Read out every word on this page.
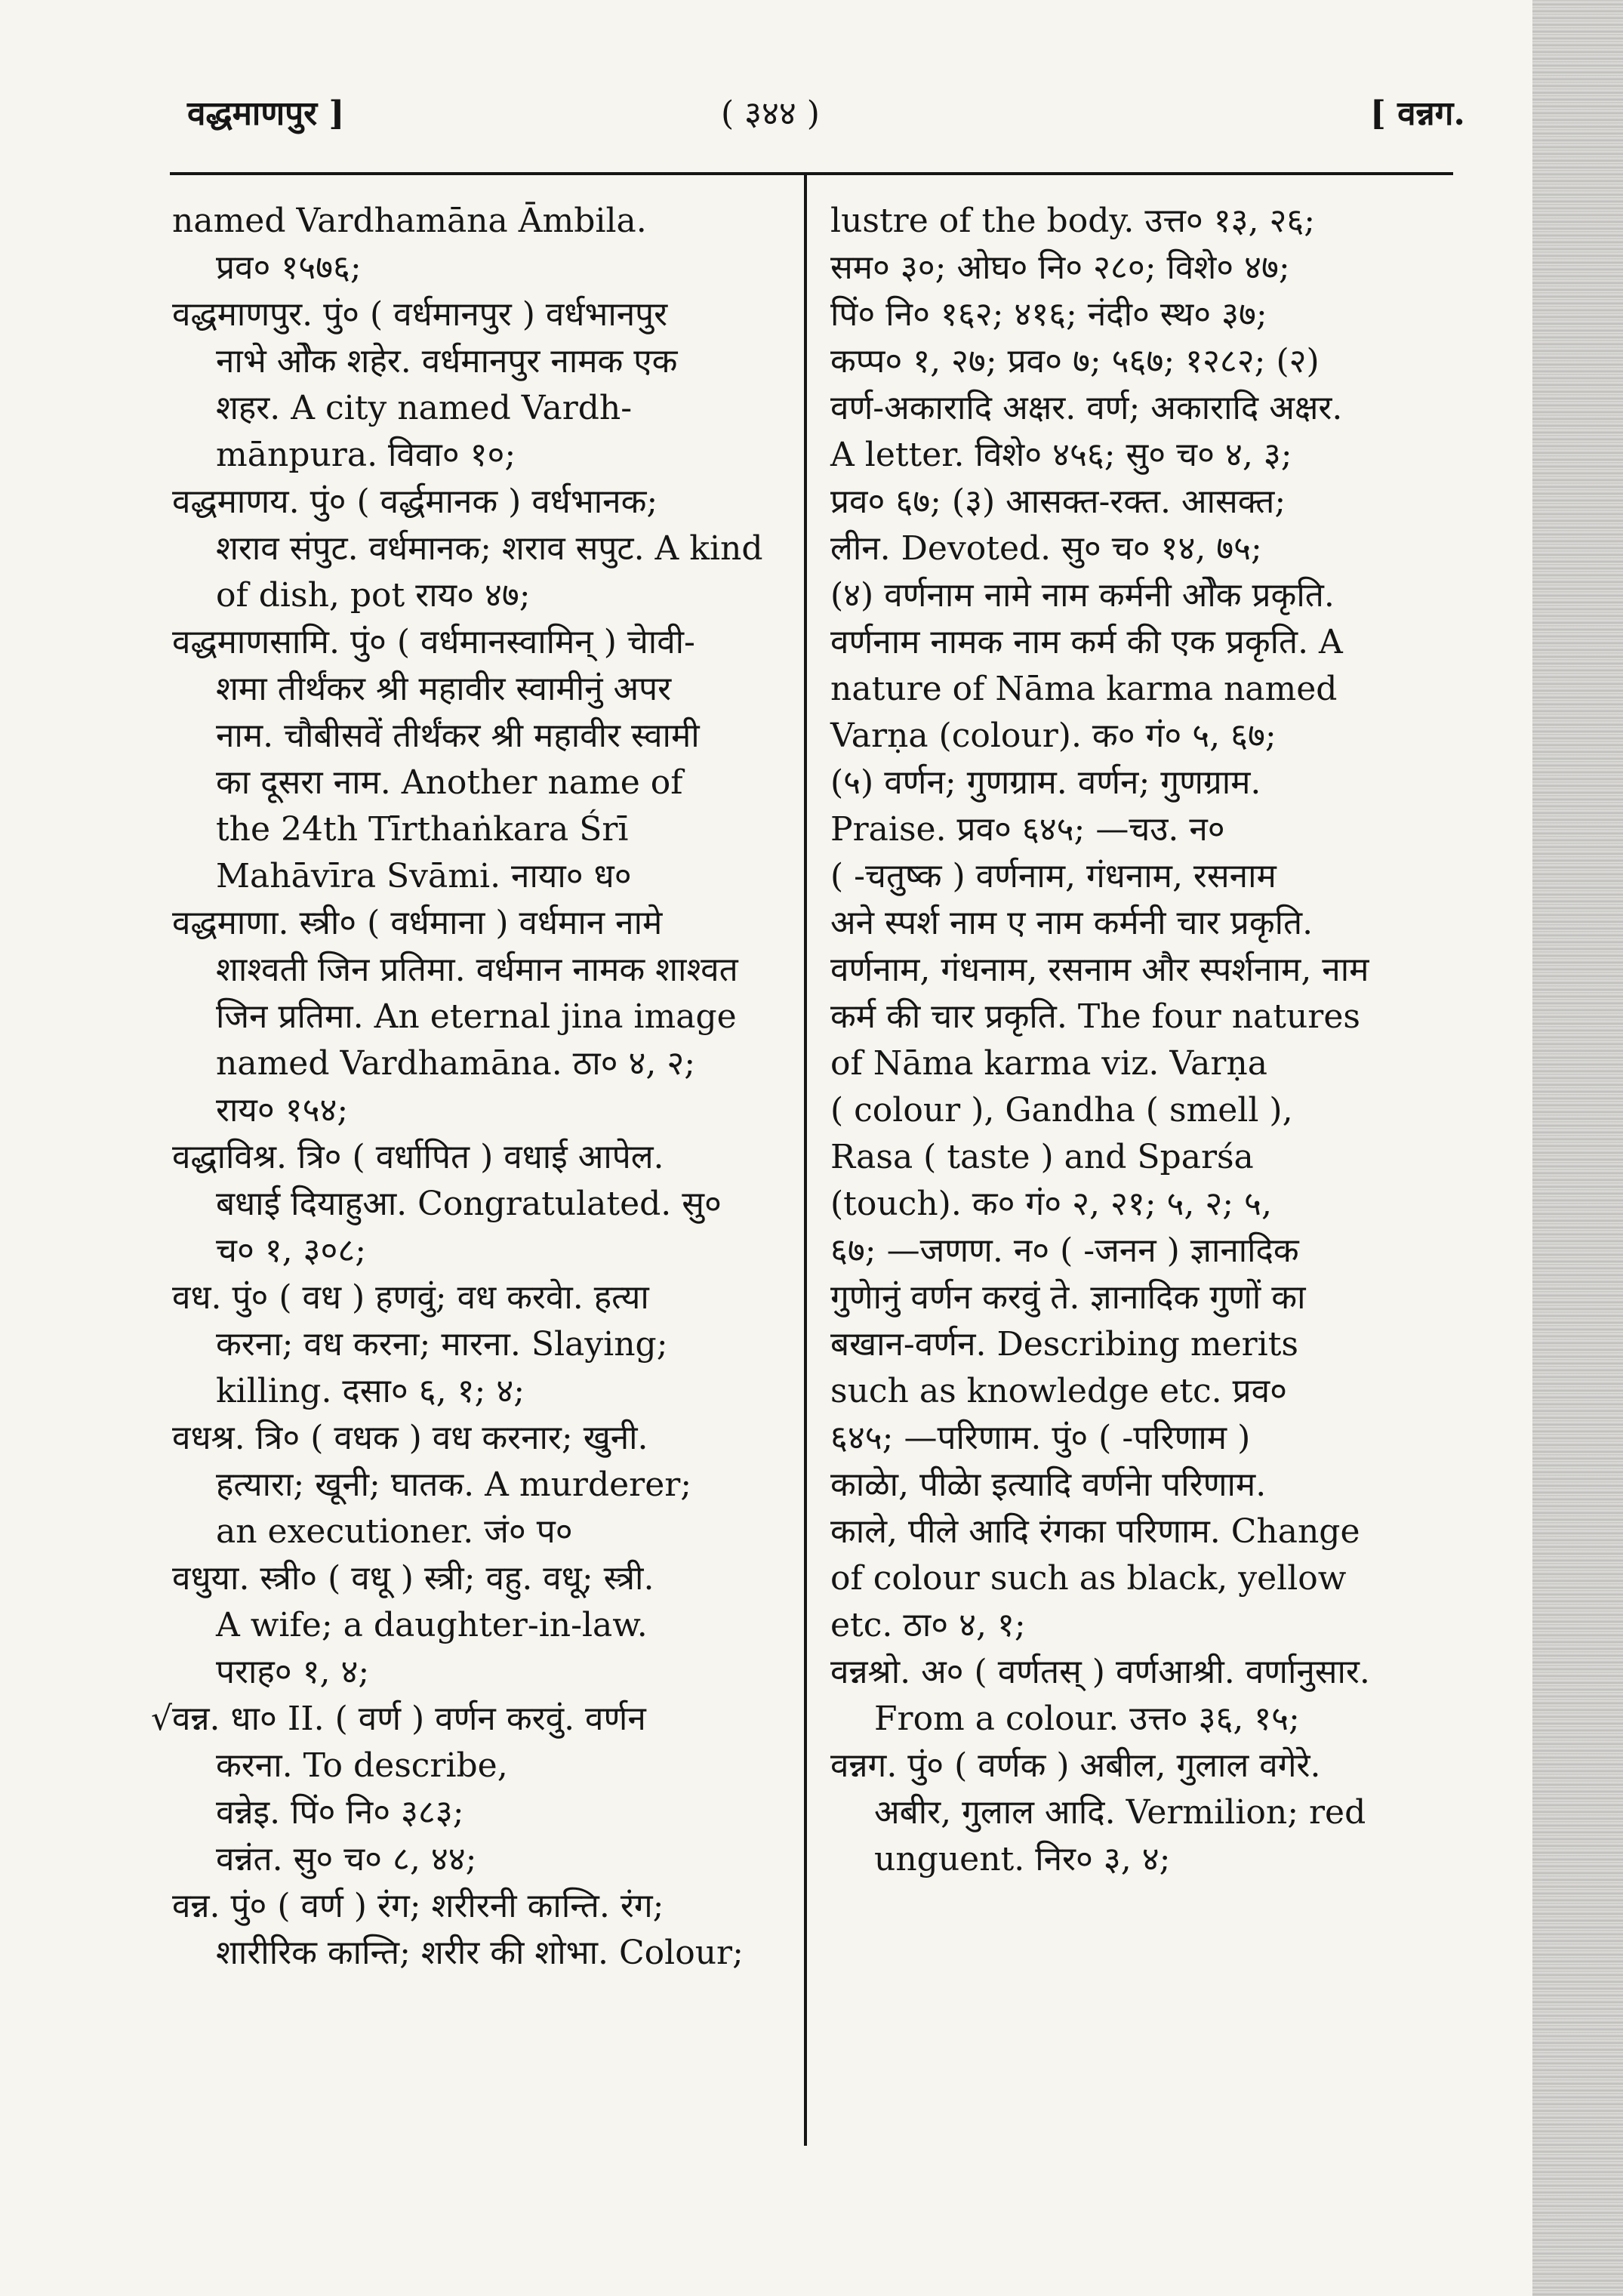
वद्धमाणपुर ]	( ३४४ )	[ वन्नग.
named Vardhamāna Āmbila.
प्रव० १५७६;
वद्धमाणपुर. पुं० ( वर्धमानपुर ) वर्धभानपुर
नाभे ओेक शहेर. वर्धमानपुर नामक एक
शहर. A city named Vardh-
mānpura. विवा० १०;
वद्धमाणय. पुं० ( वर्द्धमानक ) वर्धभानक;
शराव संपुट. वर्धमानक; शराव सपुट. A kind
of dish, pot राय० ४७;
वद्धमाणसामि. पुं० ( वर्धमानस्वामिन् ) चेावी-
शमा तीर्थंकर श्री महावीर स्वामीनुं अपर
नाम. चौबीसवें तीर्थंकर श्री महावीर स्वामी
का दूसरा नाम. Another name of
the 24th Tīrthaṅkara Śrī
Mahāvīra Svāmi. नाया० ध०
वद्धमाणा. स्त्री० ( वर्धमाना ) वर्धमान नामे
शाश्वती जिन प्रतिमा. वर्धमान नामक शाश्वत
जिन प्रतिमा. An eternal jina image
named Vardhamāna. ठा० ४, २;
राय० १५४;
वद्धाविश्र. त्रि० ( वर्धापित ) वधाई आपेल.
बधाई दियाहुआ. Congratulated. सु०
च० १, ३०८;
वध. पुं० ( वध ) हणवुं; वध करवेा. हत्या
करना; वध करना; मारना. Slaying;
killing. दसा० ६, १; ४;
वधश्र. त्रि० ( वधक ) वध करनार; खुनी.
हत्यारा; खूनी; घातक. A murderer;
an executioner. जं० प०
वधुया. स्त्री० ( वधू ) स्त्री; वहु. वधू; स्त्री.
A wife; a daughter-in-law.
पराह० १, ४;
√ वन्न. धा० II. ( वर्ण ) वर्णन करवुं. वर्णन
करना. To describe,
वन्नेइ. पिं० नि० ३८३;
वन्नंत. सु० च० ८, ४४;
वन्न. पुं० ( वर्ण ) रंग; शरीरनी कान्ति. रंग;
शारीरिक कान्ति; शरीर की शोभा. Colour;
lustre of the body. उत्त० १३, २६;
सम० ३०; ओघ० नि० २८०; विशे० ४७;
पिं० नि० १६२; ४१६; नंदी० स्थ० ३७;
कप्प० १, २७; प्रव० ७; ५६७; १२८२; (२)
वर्ण-अकारादि अक्षर. वर्ण; अकारादि अक्षर.
A letter. विशे० ४५६; सु० च० ४, ३;
प्रव० ६७; (३) आसक्त-रक्त. आसक्त;
लीन. Devoted. सु० च० १४, ७५;
(४) वर्णनाम नामे नाम कर्मनी ओेक प्रकृति.
वर्णनाम नामक नाम कर्म की एक प्रकृति. A
nature of Nāma karma named
Varṇa (colour). क० गं० ५, ६७;
(५) वर्णन; गुणग्राम. वर्णन; गुणग्राम.
Praise. प्रव० ६४५; —चउ. न०
( -चतुष्क ) वर्णनाम, गंधनाम, रसनाम
अने स्पर्श नाम ए नाम कर्मनी चार प्रकृति.
वर्णनाम, गंधनाम, रसनाम और स्पर्शनाम, नाम
कर्म की चार प्रकृति. The four natures
of Nāma karma viz. Varṇa
( colour ), Gandha ( smell ),
Rasa ( taste ) and Sparśa
(touch). क० गं० २, २१; ५, २; ५,
६७; —जणण. न० ( -जनन ) ज्ञानादिक
गुणेानुं वर्णन करवुं ते. ज्ञानादिक गुणों का
बखान-वर्णन. Describing merits
such as knowledge etc. प्रव०
६४५; —परिणाम. पुं० ( -परिणाम )
काळेा, पीळेा इत्यादि वर्णनेा परिणाम.
काले, पीले आदि रंगका परिणाम. Change
of colour such as black, yellow
etc. ठा० ४, १;
वन्नश्रो. अ० ( वर्णतस् ) वर्णआश्री. वर्णानुसार.
From a colour. उत्त० ३६, १५;
वन्नग. पुं० ( वर्णक ) अबील, गुलाल वगेरे.
अबीर, गुलाल आदि. Vermilion; red
unguent. निर० ३, ४;
